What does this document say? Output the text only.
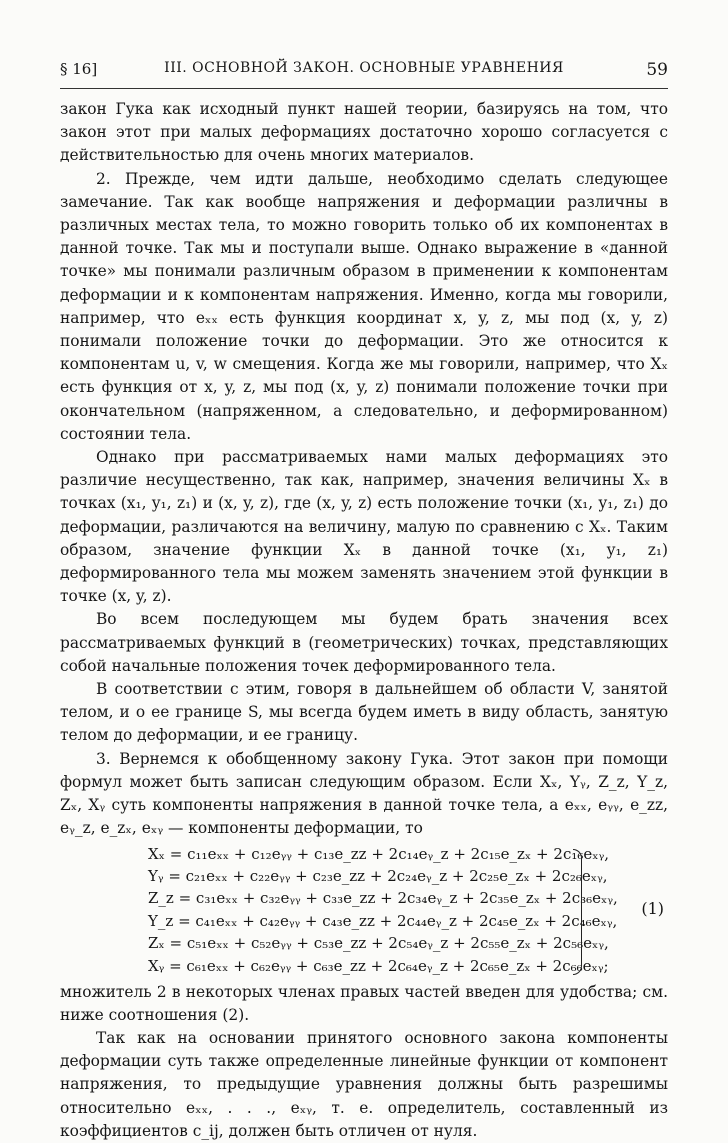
§ 16]	III. ОСНОВНОЙ ЗАКОН. ОСНОВНЫЕ УРАВНЕНИЯ	59

закон Гука как исходный пункт нашей теории, базируясь на том, что закон этот при малых деформациях достаточно хорошо согласуется с действительностью для очень многих материалов.

2. Прежде, чем идти дальше, необходимо сделать следующее замечание. Так как вообще напряжения и деформации различны в различных местах тела, то можно говорить только об их компонентах в данной точке. Так мы и поступали выше. Однако выражение в «данной точке» мы понимали различным образом в применении к компонентам деформации и к компонентам напряжения. Именно, когда мы говорили, например, что eₓₓ есть функция координат x, y, z, мы под (x, y, z) понимали положение точки до деформации. Это же относится к компонентам u, v, w смещения. Когда же мы говорили, например, что Xₓ есть функция от x, y, z, мы под (x, y, z) понимали положение точки при окончательном (напряженном, а следовательно, и деформированном) состоянии тела.

Однако при рассматриваемых нами малых деформациях это различие несущественно, так как, например, значения величины Xₓ в точках (x₁, y₁, z₁) и (x, y, z), где (x, y, z) есть положение точки (x₁, y₁, z₁) до деформации, различаются на величину, малую по сравнению с Xₓ. Таким образом, значение функции Xₓ в данной точке (x₁, y₁, z₁) деформированного тела мы можем заменять значением этой функции в точке (x, y, z).

Во всем последующем мы будем брать значения всех рассматриваемых функций в (геометрических) точках, представляющих собой начальные положения точек деформированного тела.

В соответствии с этим, говоря в дальнейшем об области V, занятой телом, и о ее границе S, мы всегда будем иметь в виду область, занятую телом до деформации, и ее границу.

3. Вернемся к обобщенному закону Гука. Этот закон при помощи формул может быть записан следующим образом. Если Xₓ, Yᵧ, Z_z, Y_z, Zₓ, Xᵧ суть компоненты напряжения в данной точке тела, а eₓₓ, eᵧᵧ, e_zz, eᵧ_z, e_zₓ, eₓᵧ — компоненты деформации, то

Xₓ = c₁₁eₓₓ + c₁₂eᵧᵧ + c₁₃e_zz + 2c₁₄eᵧ_z + 2c₁₅e_zₓ + 2c₁₆eₓᵧ,
Yᵧ = c₂₁eₓₓ + c₂₂eᵧᵧ + c₂₃e_zz + 2c₂₄eᵧ_z + 2c₂₅e_zₓ + 2c₂₆eₓᵧ,
Z_z = c₃₁eₓₓ + c₃₂eᵧᵧ + c₃₃e_zz + 2c₃₄eᵧ_z + 2c₃₅e_zₓ + 2c₃₆eₓᵧ,
Y_z = c₄₁eₓₓ + c₄₂eᵧᵧ + c₄₃e_zz + 2c₄₄eᵧ_z + 2c₄₅e_zₓ + 2c₄₆eₓᵧ,
Zₓ = c₅₁eₓₓ + c₅₂eᵧᵧ + c₅₃e_zz + 2c₅₄eᵧ_z + 2c₅₅e_zₓ + 2c₅₆eₓᵧ,
Xᵧ = c₆₁eₓₓ + c₆₂eᵧᵧ + c₆₃e_zz + 2c₆₄eᵧ_z + 2c₆₅e_zₓ + 2c₆₆eₓᵧ;
(1)

множитель 2 в некоторых членах правых частей введен для удобства; см. ниже соотношения (2).

Так как на основании принятого основного закона компоненты деформации суть также определенные линейные функции от компонент напряжения, то предыдущие уравнения должны быть разрешимы относительно eₓₓ, . . ., eₓᵧ, т. е. определитель, составленный из коэффициентов c_ij, должен быть отличен от нуля.
